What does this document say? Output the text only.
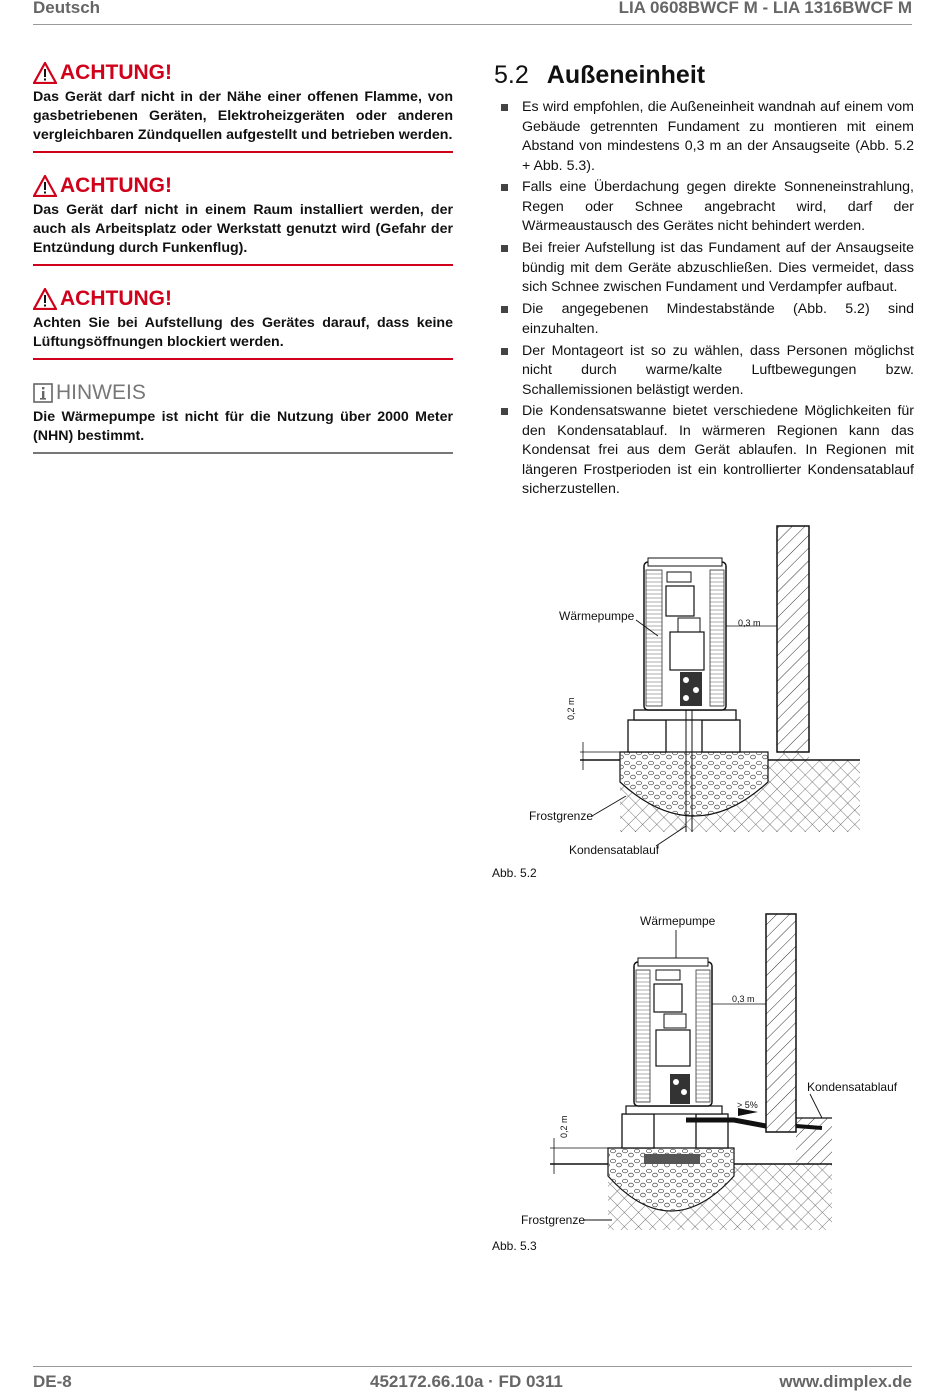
Deutsch	LIA 0608BWCF M - LIA 1316BWCF M
ACHTUNG!
Das Gerät darf nicht in der Nähe einer offenen Flamme, von gasbetriebenen Geräten, Elektroheizgeräten oder anderen vergleichbaren Zündquellen aufgestellt und betrieben werden.
ACHTUNG!
Das Gerät darf nicht in einem Raum installiert werden, der auch als Arbeitsplatz oder Werkstatt genutzt wird (Gefahr der Entzündung durch Funkenflug).
ACHTUNG!
Achten Sie bei Aufstellung des Gerätes darauf, dass keine Lüftungsöffnungen blockiert werden.
HINWEIS
Die Wärmepumpe ist nicht für die Nutzung über 2000 Meter (NHN) bestimmt.
5.2 Außeneinheit
Es wird empfohlen, die Außeneinheit wandnah auf einem vom Gebäude getrennten Fundament zu montieren mit einem Abstand von mindestens 0,3 m an der Ansaugseite (Abb. 5.2 + Abb. 5.3).
Falls eine Überdachung gegen direkte Sonneneinstrahlung, Regen oder Schnee angebracht wird, darf der Wärmeaustausch des Gerätes nicht behindert werden.
Bei freier Aufstellung ist das Fundament auf der Ansaugseite bündig mit dem Geräte abzuschließen. Dies vermeidet, dass sich Schnee zwischen Fundament und Verdampfer aufbaut.
Die angegebenen Mindestabstände (Abb. 5.2) sind einzuhalten.
Der Montageort ist so zu wählen, dass Personen möglichst nicht durch warme/kalte Luftbewegungen bzw. Schallemissionen belästigt werden.
Die Kondensatswanne bietet verschiedene Möglichkeiten für den Kondensatablauf. In wärmeren Regionen kann das Kondensat frei aus dem Gerät ablaufen. In Regionen mit längeren Frostperioden ist ein kontrollierter Kondensatablauf sicherzustellen.
Wärmepumpe	0,3 m
0,2 m
Frostgrenze
Kondensatablauf
Abb. 5.2
Wärmepumpe
0,3 m
Kondensatablauf
> 5%
0,2 m
Frostgrenze
Abb. 5.3
DE-8	452172.66.10a · FD 0311	www.dimplex.de
